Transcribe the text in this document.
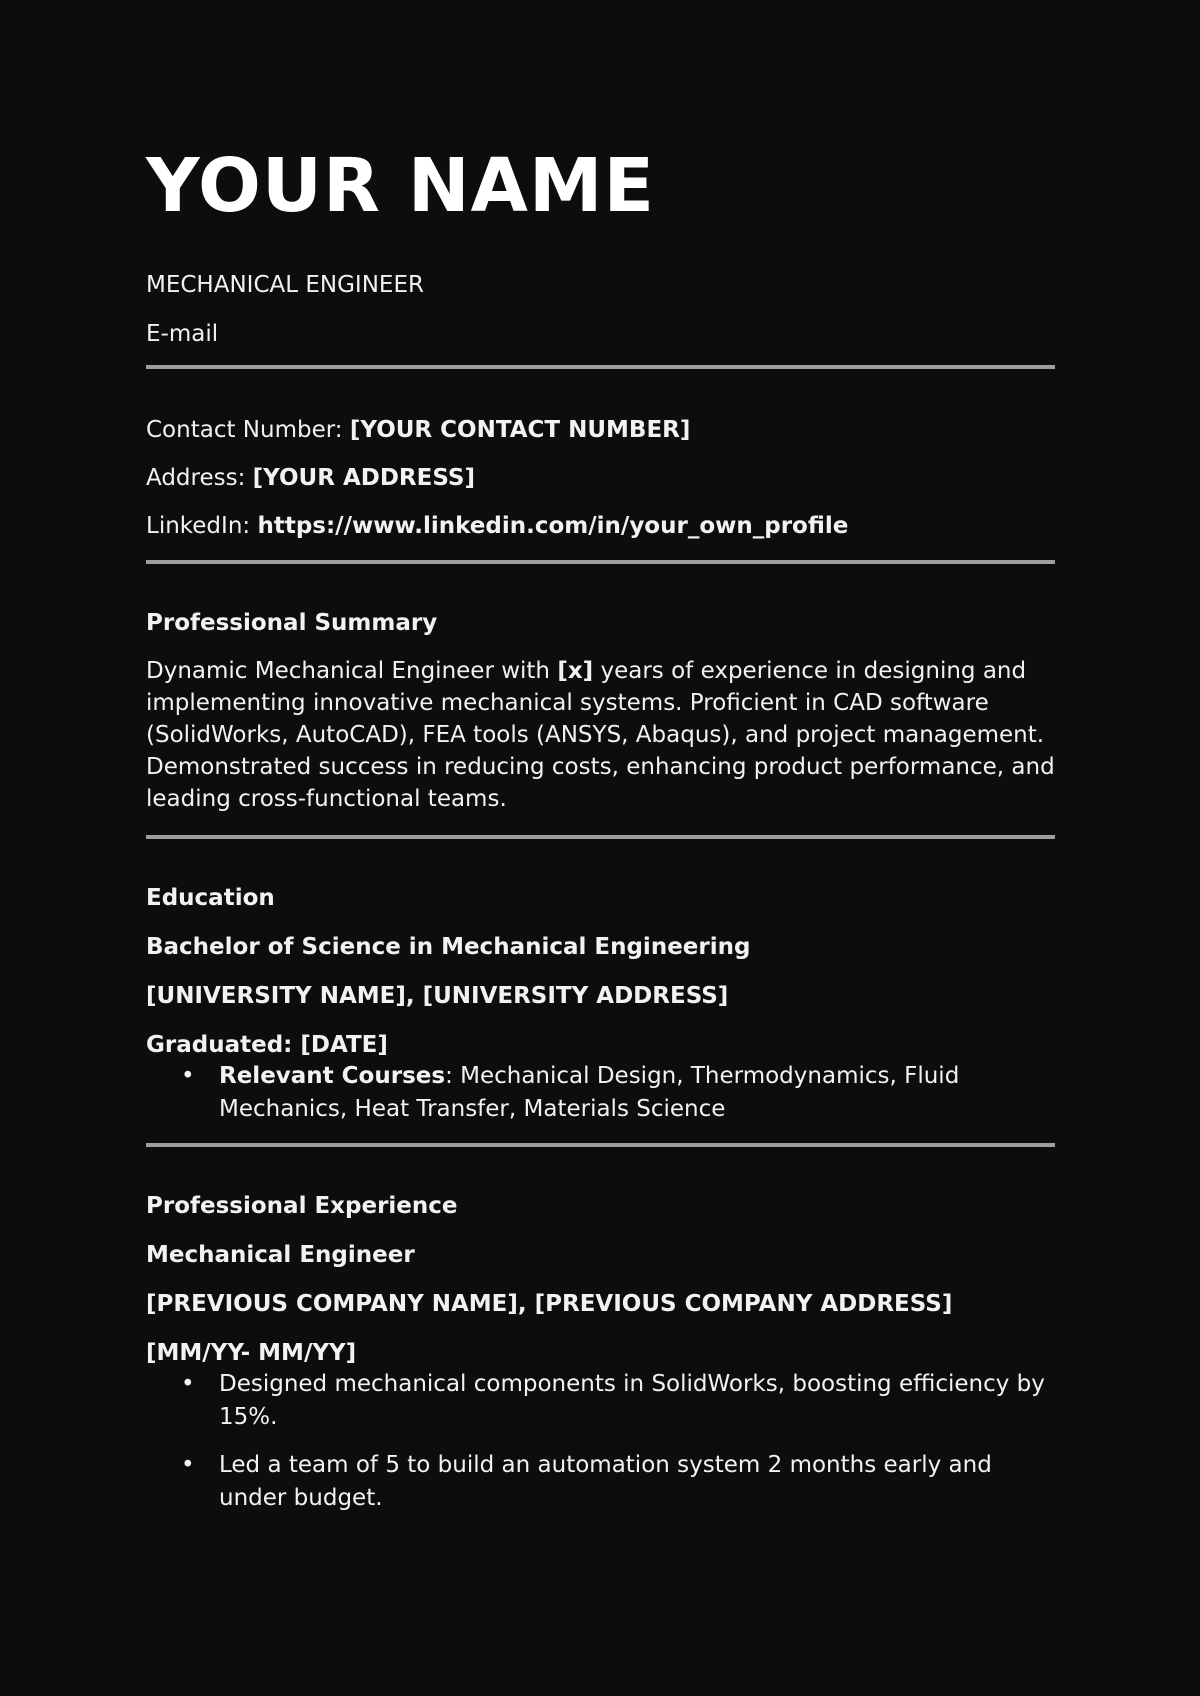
YOUR NAME
MECHANICAL ENGINEER
E-mail
Contact Number: [YOUR CONTACT NUMBER]
Address: [YOUR ADDRESS]
LinkedIn: https://www.linkedin.com/in/your_own_profile
Professional Summary
Dynamic Mechanical Engineer with [x] years of experience in designing and implementing innovative mechanical systems. Proficient in CAD software (SolidWorks, AutoCAD), FEA tools (ANSYS, Abaqus), and project management. Demonstrated success in reducing costs, enhancing product performance, and leading cross-functional teams.
Education
Bachelor of Science in Mechanical Engineering
[UNIVERSITY NAME], [UNIVERSITY ADDRESS]
Graduated: [DATE]
• Relevant Courses: Mechanical Design, Thermodynamics, Fluid Mechanics, Heat Transfer, Materials Science
Professional Experience
Mechanical Engineer
[PREVIOUS COMPANY NAME], [PREVIOUS COMPANY ADDRESS]
[MM/YY- MM/YY]
• Designed mechanical components in SolidWorks, boosting efficiency by 15%.
• Led a team of 5 to build an automation system 2 months early and under budget.
